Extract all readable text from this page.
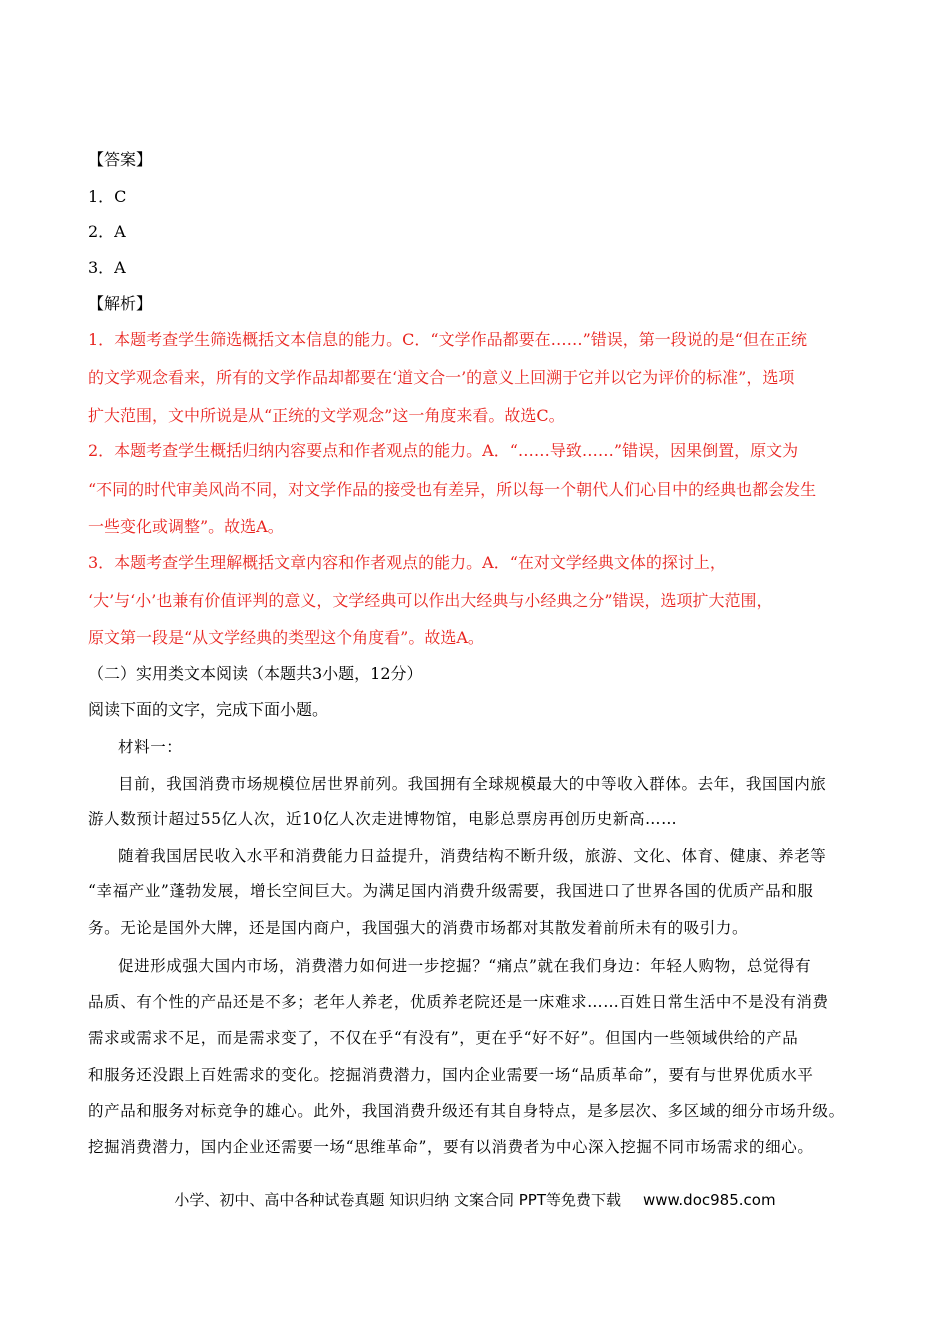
【答案】
1．C
2．A
3．A
【解析】
1．本题考查学生筛选概括文本信息的能力。C．“文学作品都要在……”错误，第一段说的是“但在正统
的文学观念看来，所有的文学作品却都要在‘道文合一’的意义上回溯于它并以它为评价的标准”，选项
扩大范围，文中所说是从“正统的文学观念”这一角度来看。故选C。
2．本题考查学生概括归纳内容要点和作者观点的能力。A．“……导致……”错误，因果倒置，原文为
“不同的时代审美风尚不同，对文学作品的接受也有差异，所以每一个朝代人们心目中的经典也都会发生
一些变化或调整”。故选A。
3．本题考查学生理解概括文章内容和作者观点的能力。A．“在对文学经典文体的探讨上，
‘大’与‘小’也兼有价值评判的意义，文学经典可以作出大经典与小经典之分”错误，选项扩大范围，
原文第一段是“从文学经典的类型这个角度看”。故选A。
（二）实用类文本阅读（本题共3小题，12分）
阅读下面的文字，完成下面小题。
材料一：
目前，我国消费市场规模位居世界前列。我国拥有全球规模最大的中等收入群体。去年，我国国内旅
游人数预计超过55亿人次，近10亿人次走进博物馆，电影总票房再创历史新高……
随着我国居民收入水平和消费能力日益提升，消费结构不断升级，旅游、文化、体育、健康、养老等
“幸福产业”蓬勃发展，增长空间巨大。为满足国内消费升级需要，我国进口了世界各国的优质产品和服
务。无论是国外大牌，还是国内商户，我国强大的消费市场都对其散发着前所未有的吸引力。
促进形成强大国内市场，消费潜力如何进一步挖掘？“痛点”就在我们身边：年轻人购物，总觉得有
品质、有个性的产品还是不多；老年人养老，优质养老院还是一床难求……百姓日常生活中不是没有消费
需求或需求不足，而是需求变了，不仅在乎“有没有”，更在乎“好不好”。但国内一些领域供给的产品
和服务还没跟上百姓需求的变化。挖掘消费潜力，国内企业需要一场“品质革命”，要有与世界优质水平
的产品和服务对标竞争的雄心。此外，我国消费升级还有其自身特点，是多层次、多区域的细分市场升级。
挖掘消费潜力，国内企业还需要一场“思维革命”，要有以消费者为中心深入挖掘不同市场需求的细心。
小学、初中、高中各种试卷真题 知识归纳 文案合同 PPT等免费下载 www.doc985.com
